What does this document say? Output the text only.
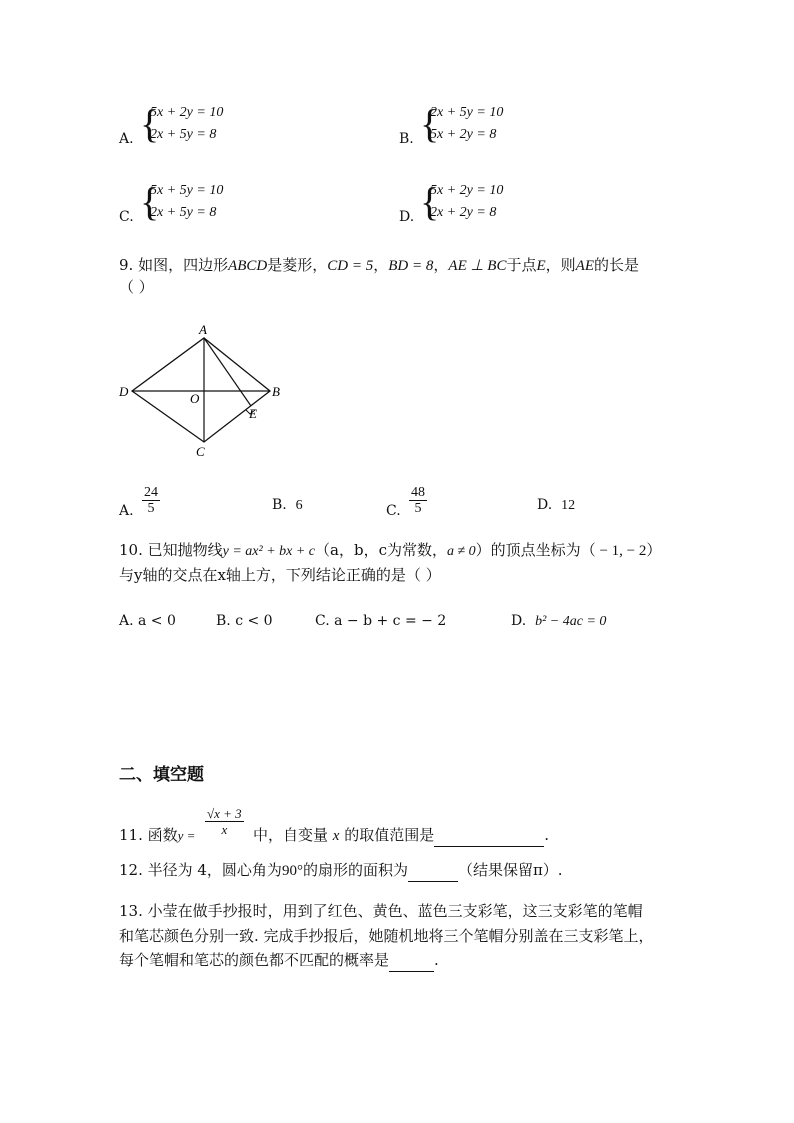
A. {
5x + 2y = 10
2x + 5y = 8	B. {
2x + 5y = 10
5x + 2y = 8
C. {
5x + 5y = 10
2x + 5y = 8	D. {
5x + 2y = 10
2x + 2y = 8
9. 如图，四边形ABCD是菱形，CD = 5，BD = 8，AE ⊥ BC于点E，则AE的长是
（ ）
A
D	B
O
E
C
A. $\frac{24}{5}$	B. 6	C. $\frac{48}{5}$	D. 12
10. 已知抛物线y = ax² + bx + c（a，b，c为常数，a ≠ 0）的顶点坐标为（ − 1, − 2）
与y轴的交点在x轴上方，下列结论正确的是（ ）
A. a < 0	B. c < 0	C. a − b + c = − 2	D. b² − 4ac = 0
二、填空题
11. 函数$y = \frac{√x + 3}{x}$ 中，自变量 x 的取值范围是	.
12. 半径为 4，圆心角为90°的扇形的面积为	（结果保留π）.
13. 小莹在做手抄报时，用到了红色、黄色、蓝色三支彩笔，这三支彩笔的笔帽
和笔芯颜色分别一致. 完成手抄报后，她随机地将三个笔帽分别盖在三支彩笔上，
每个笔帽和笔芯的颜色都不匹配的概率是	.
